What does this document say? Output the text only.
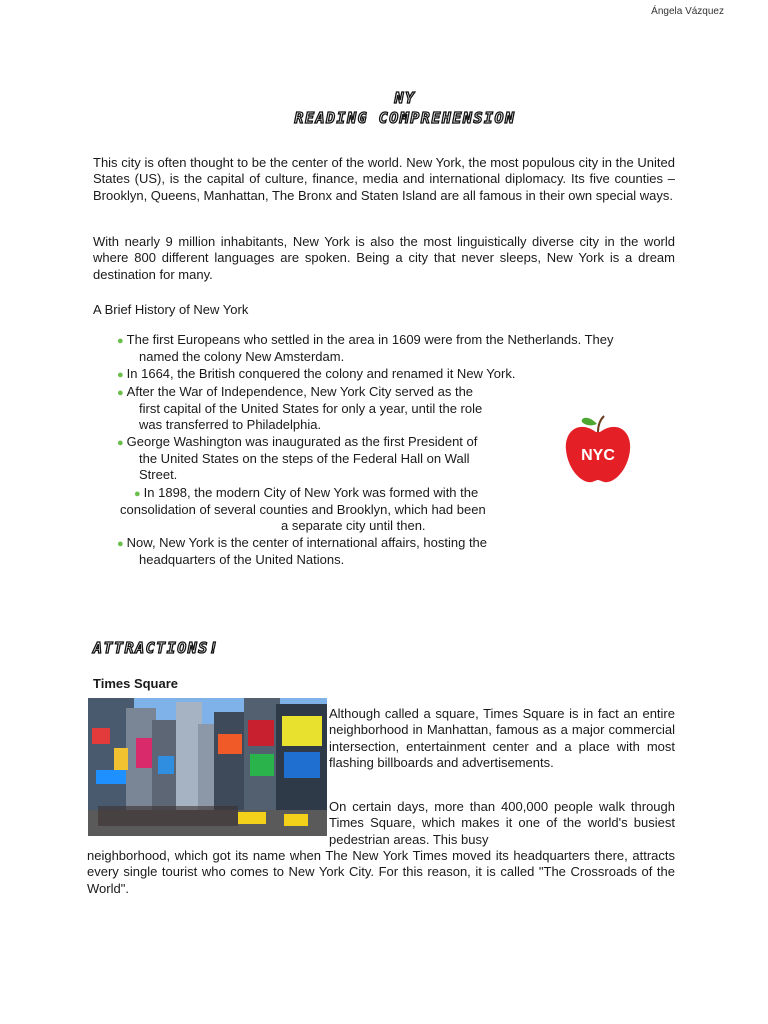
Ángela Vázquez
NY
READING COMPREHENSION

This city is often thought to be the center of the world. New York, the most populous city in the United States (US), is the capital of culture, finance, media and international diplomacy. Its five counties – Brooklyn, Queens, Manhattan, The Bronx and Staten Island are all famous in their own special ways.

With nearly 9 million inhabitants, New York is also the most linguistically diverse city in the world where 800 different languages are spoken. Being a city that never sleeps, New York is a dream destination for many.

A Brief History of New York

● The first Europeans who settled in the area in 1609 were from the Netherlands. They
named the colony New Amsterdam.
● In 1664, the British conquered the colony and renamed it New York.
● After the War of Independence, New York City served as the
first capital of the United States for only a year, until the role
was transferred to Philadelphia.
● George Washington was inaugurated as the first President of
the United States on the steps of the Federal Hall on Wall
Street.
● In 1898, the modern City of New York was formed with the
consolidation of several counties and Brooklyn, which had been
a separate city until then.
● Now, New York is the center of international affairs, hosting the
headquarters of the United Nations.
NYC
ATTRACTIONS!
Times Square

Although called a square, Times Square is in fact an entire neighborhood in Manhattan, famous as a major commercial intersection, entertainment center and a place with most flashing billboards and advertisements.

On certain days, more than 400,000 people walk through Times Square, which makes it one of the world's busiest pedestrian areas. This busy

neighborhood, which got its name when The New York Times moved its headquarters there, attracts every single tourist who comes to New York City. For this reason, it is called "The Crossroads of the World".
